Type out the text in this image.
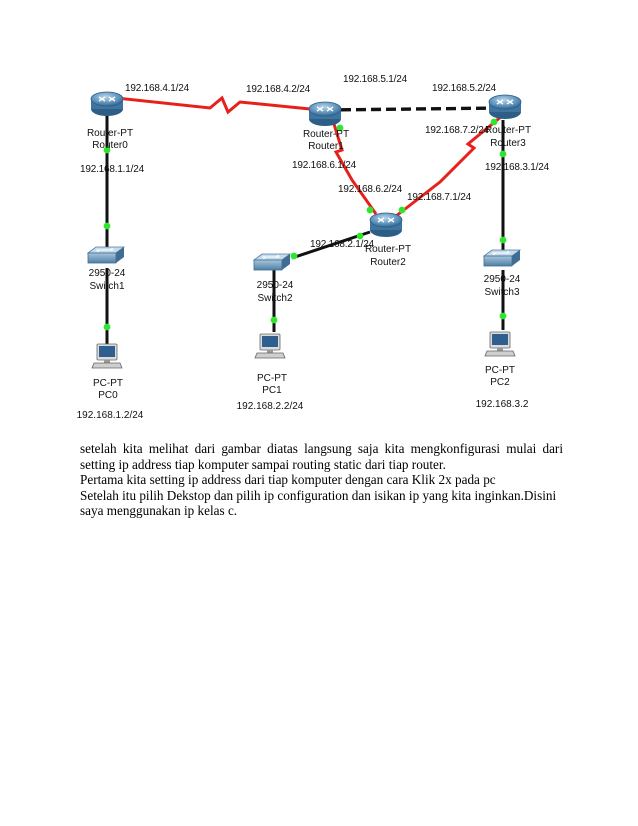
Router-PT
Router0
Router-PT
Router1
Router-PT
Router3
Router-PT
Router2
2950-24
Switch1	2950-24
Switch2
2950-24
Switch3
PC-PT
PC0
192.168.1.2/24
PC-PT
PC1
192.168.2.2/24
PC-PT
PC2
192.168.3.2
192.168.4.1/24	192.168.4.2/24
192.168.5.1/24
192.168.5.2/24
192.168.1.1/24	192.168.6.1/24
192.168.7.2/24
192.168.6.2/24
192.168.7.1/24
192.168.2.1/24
192.168.3.1/24

setelah kita melihat dari gambar diatas langsung saja kita mengkonfigurasi mulai dari setting ip address tiap komputer sampai routing static dari tiap router.

Pertama kita setting ip address dari tiap komputer dengan cara Klik 2x pada pc

Setelah itu pilih Dekstop dan pilih ip configuration dan isikan ip yang kita inginkan.Disini saya menggunakan ip kelas c.
